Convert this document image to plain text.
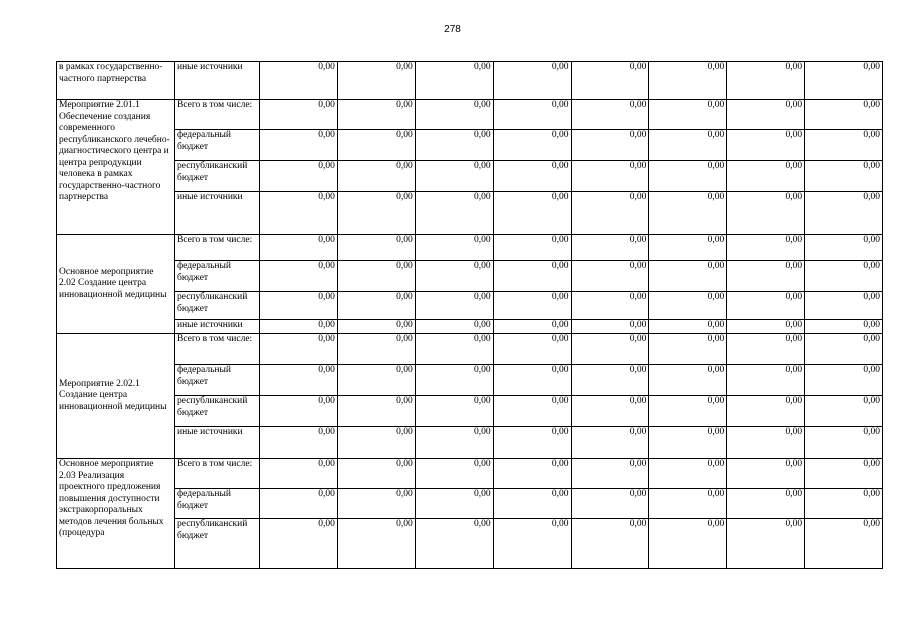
278
в рамках государственно-частного партнерства	иные источники	0,00	0,00	0,00	0,00	0,00	0,00	0,00	0,00
Мероприятие 2.01.1 Обеспечение создания современного республиканского лечебно-диагностического центра и центра репродукции человека в рамках государственно-частного партнерства	Всего в том числе:	0,00	0,00	0,00	0,00	0,00	0,00	0,00	0,00
	федеральный бюджет	0,00	0,00	0,00	0,00	0,00	0,00	0,00	0,00
	республиканский бюджет	0,00	0,00	0,00	0,00	0,00	0,00	0,00	0,00
	иные источники	0,00	0,00	0,00	0,00	0,00	0,00	0,00	0,00
Основное мероприятие 2.02 Создание центра инновационной медицины	Всего в том числе:	0,00	0,00	0,00	0,00	0,00	0,00	0,00	0,00
	федеральный бюджет	0,00	0,00	0,00	0,00	0,00	0,00	0,00	0,00
	республиканский бюджет	0,00	0,00	0,00	0,00	0,00	0,00	0,00	0,00
	иные источники	0,00	0,00	0,00	0,00	0,00	0,00	0,00	0,00
Мероприятие 2.02.1 Создание центра инновационной медицины	Всего в том числе:	0,00	0,00	0,00	0,00	0,00	0,00	0,00	0,00
	федеральный бюджет	0,00	0,00	0,00	0,00	0,00	0,00	0,00	0,00
	республиканский бюджет	0,00	0,00	0,00	0,00	0,00	0,00	0,00	0,00
	иные источники	0,00	0,00	0,00	0,00	0,00	0,00	0,00	0,00
Основное мероприятие 2.03 Реализация проектного предложения повышения доступности экстракорпоральных методов лечения больных (процедура	Всего в том числе:	0,00	0,00	0,00	0,00	0,00	0,00	0,00	0,00
	федеральный бюджет	0,00	0,00	0,00	0,00	0,00	0,00	0,00	0,00
	республиканский бюджет	0,00	0,00	0,00	0,00	0,00	0,00	0,00	0,00
